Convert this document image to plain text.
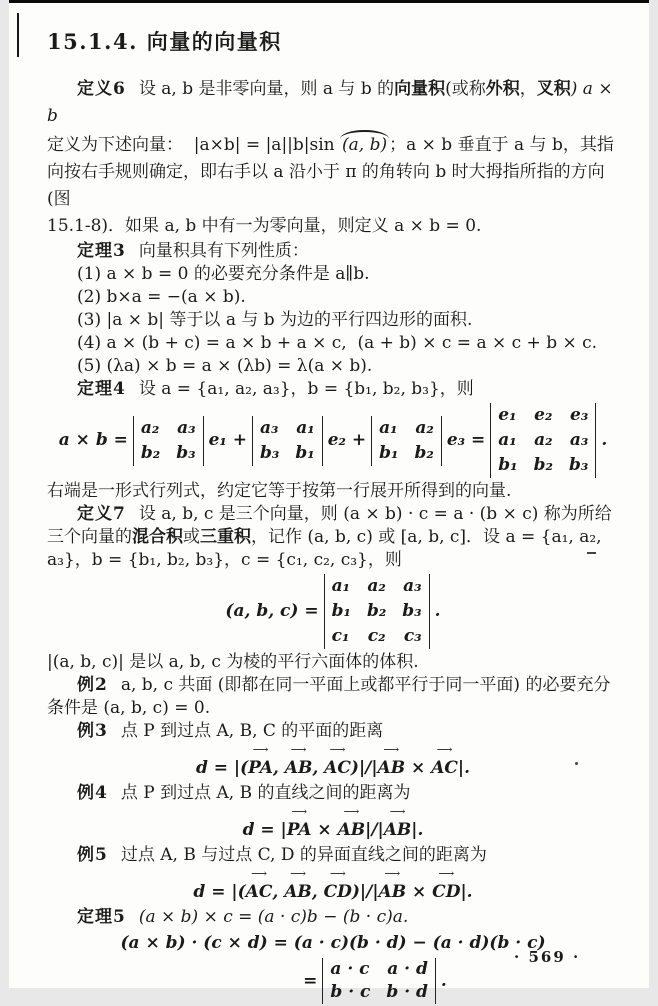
15.1.4. 向量的向量积

定义6 设 a, b 是非零向量，则 a 与 b 的向量积(或称外积，叉积) a × b

定义为下述向量：  |a×b| = |a||b|sin (a, b) ；a × b 垂直于 a 与 b，其指

向按右手规则确定，即右手以 a 沿小于 π 的角转向 b 时大拇指所指的方向 (图

15.1-8)．如果 a, b 中有一为零向量，则定义 a × b = 0.

定理3 向量积具有下列性质：

(1) a × b = 0 的必要充分条件是 a∥b.

(2) b×a = −(a × b).

(3) |a × b| 等于以 a 与 b 为边的平行四边形的面积.

(4) a × (b + c) = a × b + a × c,  (a + b) × c = a × c + b × c.

(5) (λa) × b = a × (λb) = λ(a × b).

定理4 设 a = {a₁, a₂, a₃}，b = {b₁, b₂, b₃}，则

a × b =
a₂ a₃
b₂ b₃
e₁ +
a₃ a₁
b₃ b₁
e₂ +
a₁ a₂
b₁ b₂
e₃ =
e₁ e₂ e₃
a₁ a₂ a₃
b₁ b₂ b₃
.

右端是一形式行列式，约定它等于按第一行展开所得到的向量.

定义7 设 a, b, c 是三个向量，则 (a × b) · c = a · (b × c) 称为所给

三个向量的混合积或三重积，记作 (a, b, c) 或 [a, b, c]．设 a = {a₁, a₂,

a₃}，b = {b₁, b₂, b₃}，c = {c₁, c₂, c₃}，则

(a, b, c) =
a₁ a₂ a₃
b₁ b₂ b₃
c₁ c₂ c₃
.

|(a, b, c)| 是以 a, b, c 为棱的平行六面体的体积.

例2 a, b, c 共面 (即都在同一平面上或都平行于同一平面) 的必要充分

条件是 (a, b, c) = 0.

例3 点 P 到过点 A, B, C 的平面的距离

d = |(
⟶
PA ,
⟶
AB ,
⟶
AC )|/|
⟶
AB ×
⟶
AC |.

例4 点 P 到过点 A, B 的直线之间的距离为

d = |
⟶
PA ×
⟶
AB |/|
⟶
AB |.

例5 过点 A, B 与过点 C, D 的异面直线之间的距离为

d = |(
⟶
AC ,
⟶
AB ,
⟶
CD )|/|
⟶
AB ×
⟶
CD |.

定理5 (a × b) × c = (a · c)b − (b · c)a.

(a × b) · (c × d) = (a · c)(b · d) − (a · d)(b · c)
=
a · c a · d
b · c b · d
.
· 569 ·
